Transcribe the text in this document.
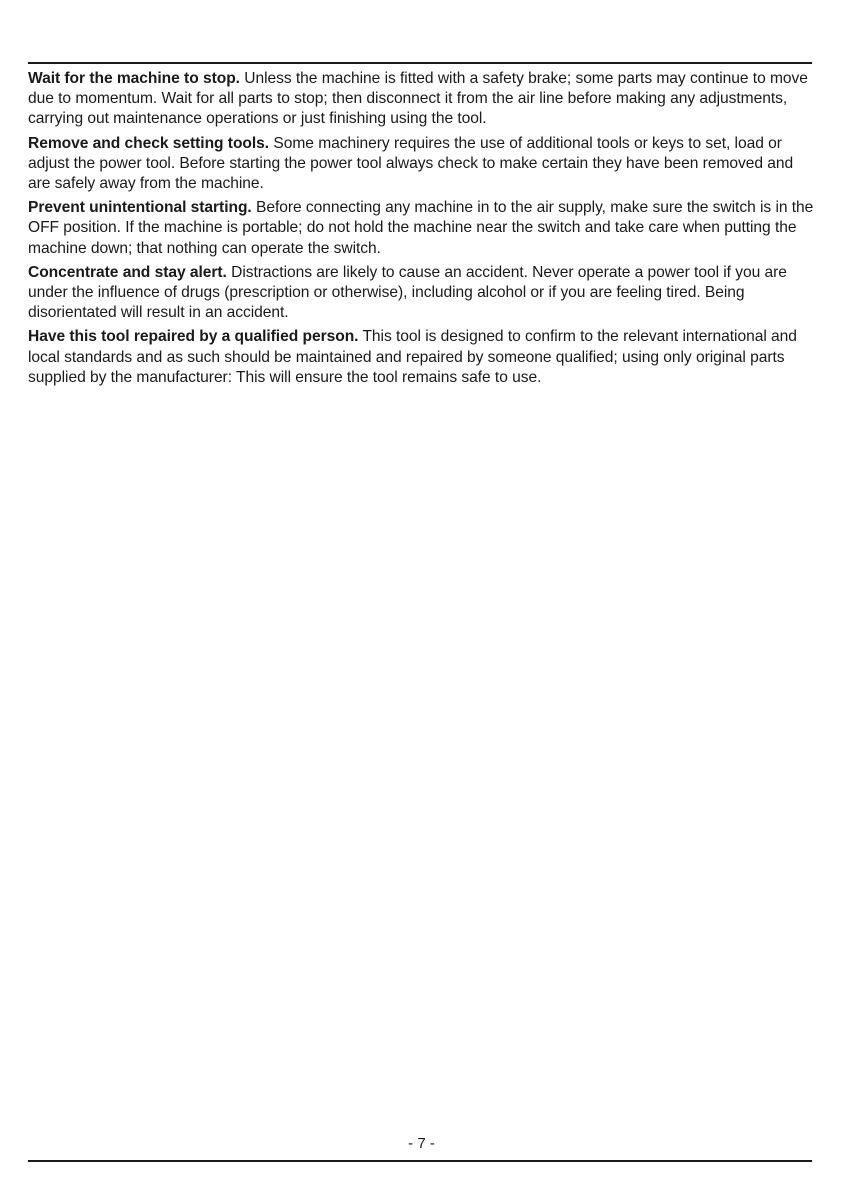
Wait for the machine to stop. Unless the machine is fitted with a safety brake; some parts may continue to move due to momentum. Wait for all parts to stop; then disconnect it from the air line before making any adjustments, carrying out maintenance operations or just finishing using the tool.

Remove and check setting tools. Some machinery requires the use of additional tools or keys to set, load or adjust the power tool. Before starting the power tool always check to make certain they have been removed and are safely away from the machine.

Prevent unintentional starting. Before connecting any machine in to the air supply, make sure the switch is in the OFF position. If the machine is portable; do not hold the machine near the switch and take care when putting the machine down; that nothing can operate the switch.

Concentrate and stay alert. Distractions are likely to cause an accident. Never operate a power tool if you are under the influence of drugs (prescription or otherwise), including alcohol or if you are feeling tired. Being disorientated will result in an accident.

Have this tool repaired by a qualified person. This tool is designed to confirm to the relevant international and local standards and as such should be maintained and repaired by someone qualified; using only original parts supplied by the manufacturer: This will ensure the tool remains safe to use.

- 7 -
